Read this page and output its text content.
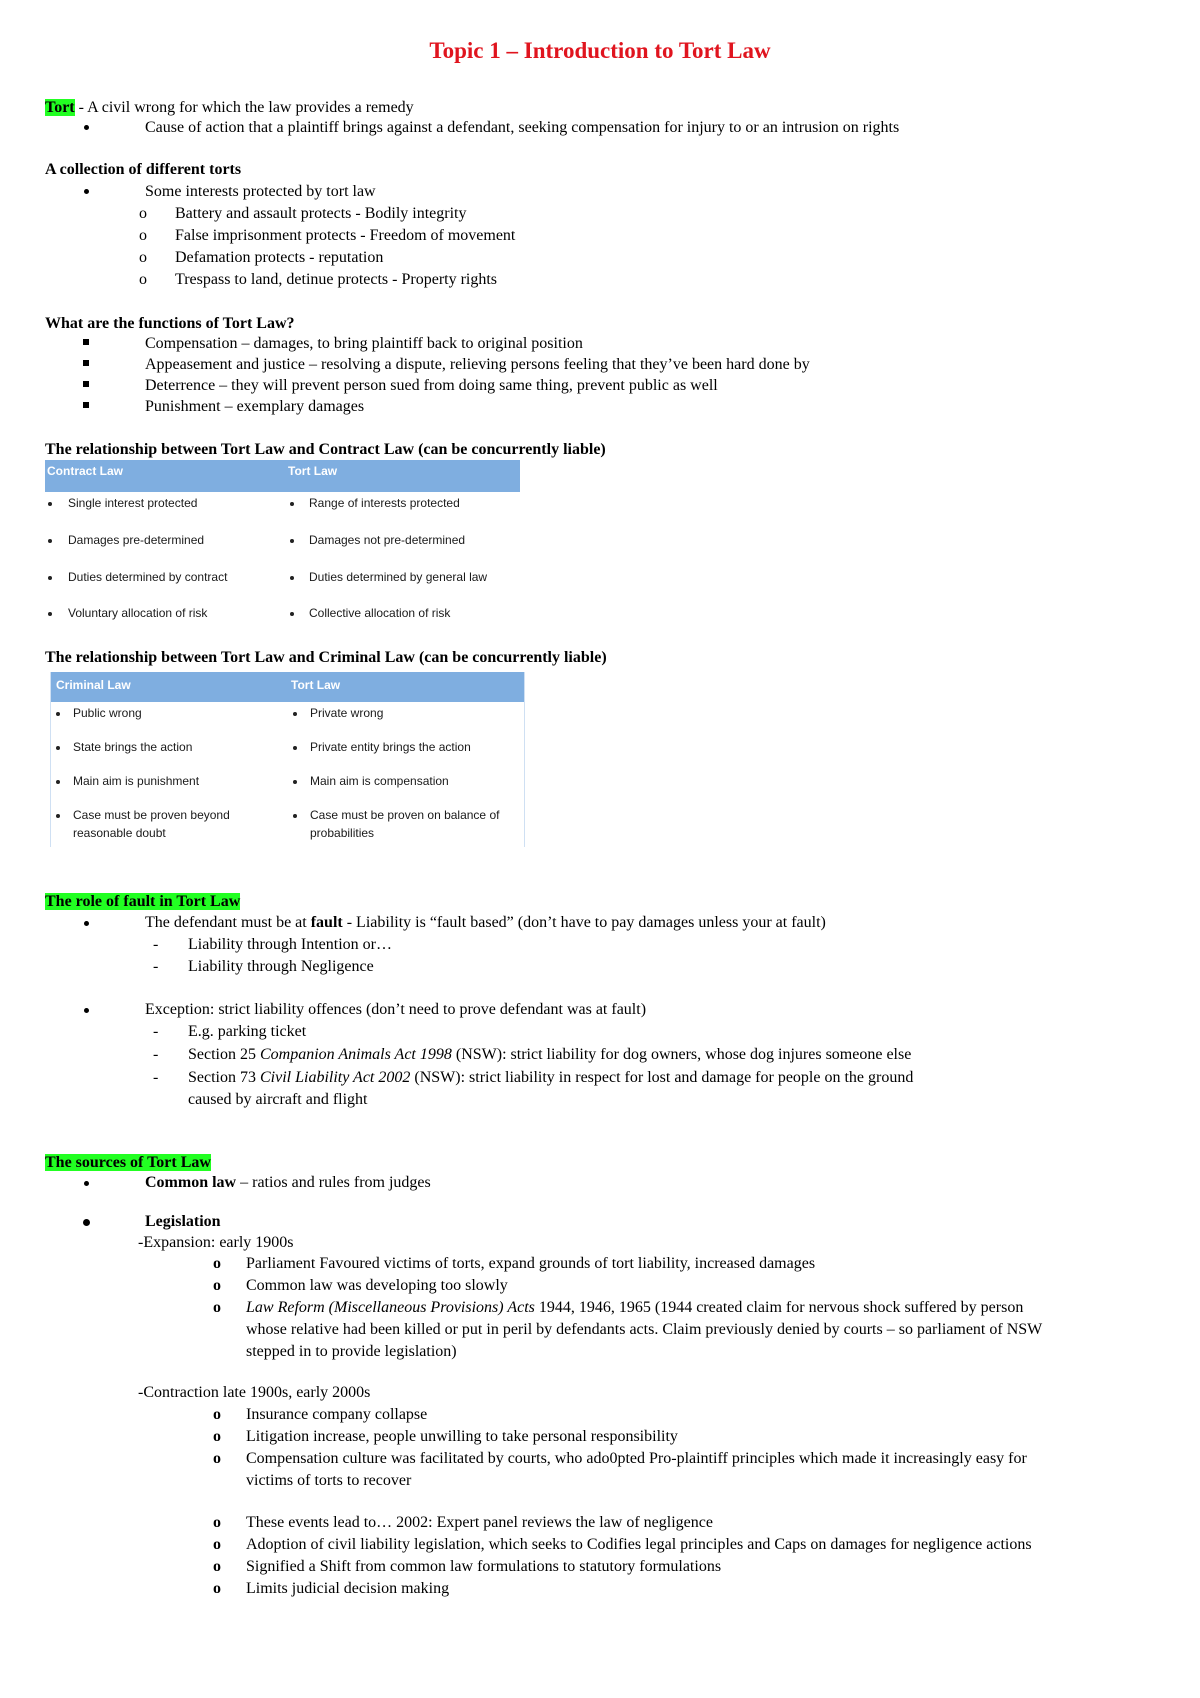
Topic 1 – Introduction to Tort Law
Tort - A civil wrong for which the law provides a remedy
Cause of action that a plaintiff brings against a defendant, seeking compensation for injury to or an intrusion on rights
A collection of different torts
Some interests protected by tort law
o Battery and assault protects - Bodily integrity
o False imprisonment protects - Freedom of movement
o Defamation protects - reputation
o Trespass to land, detinue protects - Property rights
What are the functions of Tort Law?
Compensation – damages, to bring plaintiff back to original position
Appeasement and justice – resolving a dispute, relieving persons feeling that they’ve been hard done by
Deterrence – they will prevent person sued from doing same thing, prevent public as well
Punishment – exemplary damages
The relationship between Tort Law and Contract Law (can be concurrently liable)
Contract Law	Tort Law
Single interest protected	Range of interests protected
Damages pre-determined	Damages not pre-determined
Duties determined by contract	Duties determined by general law
Voluntary allocation of risk	Collective allocation of risk
The relationship between Tort Law and Criminal Law (can be concurrently liable)
Criminal Law	Tort Law
Public wrong	Private wrong
State brings the action	Private entity brings the action
Main aim is punishment	Main aim is compensation
Case must be proven beyond	Case must be proven on balance of
reasonable doubt	probabilities
The role of fault in Tort Law
The defendant must be at fault - Liability is “fault based” (don’t have to pay damages unless your at fault)
- Liability through Intention or…
- Liability through Negligence
Exception: strict liability offences (don’t need to prove defendant was at fault)
- E.g. parking ticket
- Section 25 Companion Animals Act 1998 (NSW): strict liability for dog owners, whose dog injures someone else
- Section 73 Civil Liability Act 2002 (NSW): strict liability in respect for lost and damage for people on the ground
caused by aircraft and flight
The sources of Tort Law
Common law – ratios and rules from judges
Legislation
-Expansion: early 1900s
o Parliament Favoured victims of torts, expand grounds of tort liability, increased damages
o Common law was developing too slowly
o Law Reform (Miscellaneous Provisions) Acts 1944, 1946, 1965 (1944 created claim for nervous shock suffered by person
whose relative had been killed or put in peril by defendants acts. Claim previously denied by courts – so parliament of NSW
stepped in to provide legislation)
-Contraction late 1900s, early 2000s
o Insurance company collapse
o Litigation increase, people unwilling to take personal responsibility
o Compensation culture was facilitated by courts, who ado0pted Pro-plaintiff principles which made it increasingly easy for
victims of torts to recover
o These events lead to… 2002: Expert panel reviews the law of negligence
o Adoption of civil liability legislation, which seeks to Codifies legal principles and Caps on damages for negligence actions
o Signified a Shift from common law formulations to statutory formulations
o Limits judicial decision making
